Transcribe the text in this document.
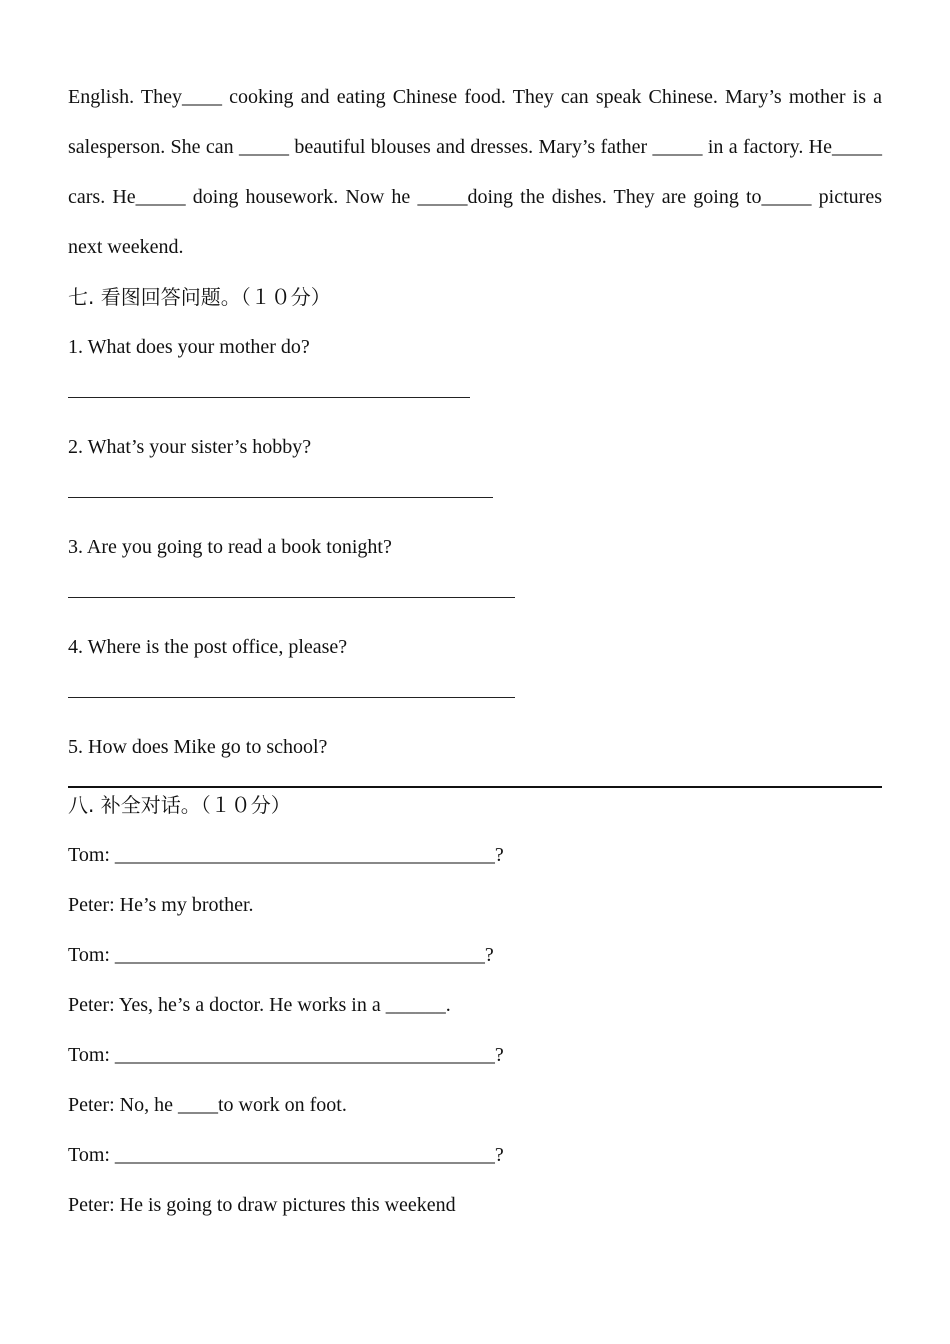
English. They____ cooking and eating Chinese food. They can speak Chinese. Mary’s mother is a salesperson. She can _____ beautiful blouses and dresses. Mary’s father _____ in a factory. He_____ cars. He_____ doing housework. Now he _____doing the dishes. They are going to_____ pictures next weekend.

七. 看图回答问题。（１０分）
1. What does your mother do?
2. What’s your sister’s hobby?
3. Are you going to read a book tonight?
4. Where is the post office, please?
5. How does Mike go to school?
八. 补全对话。（１０分）
Tom: ______________________________________?
Peter: He’s my brother.
Tom: _____________________________________?
Peter: Yes, he’s a doctor. He works in a ______.
Tom: ______________________________________?
Peter: No, he ____to work on foot.
Tom: ______________________________________?
Peter: He is going to draw pictures this weekend
